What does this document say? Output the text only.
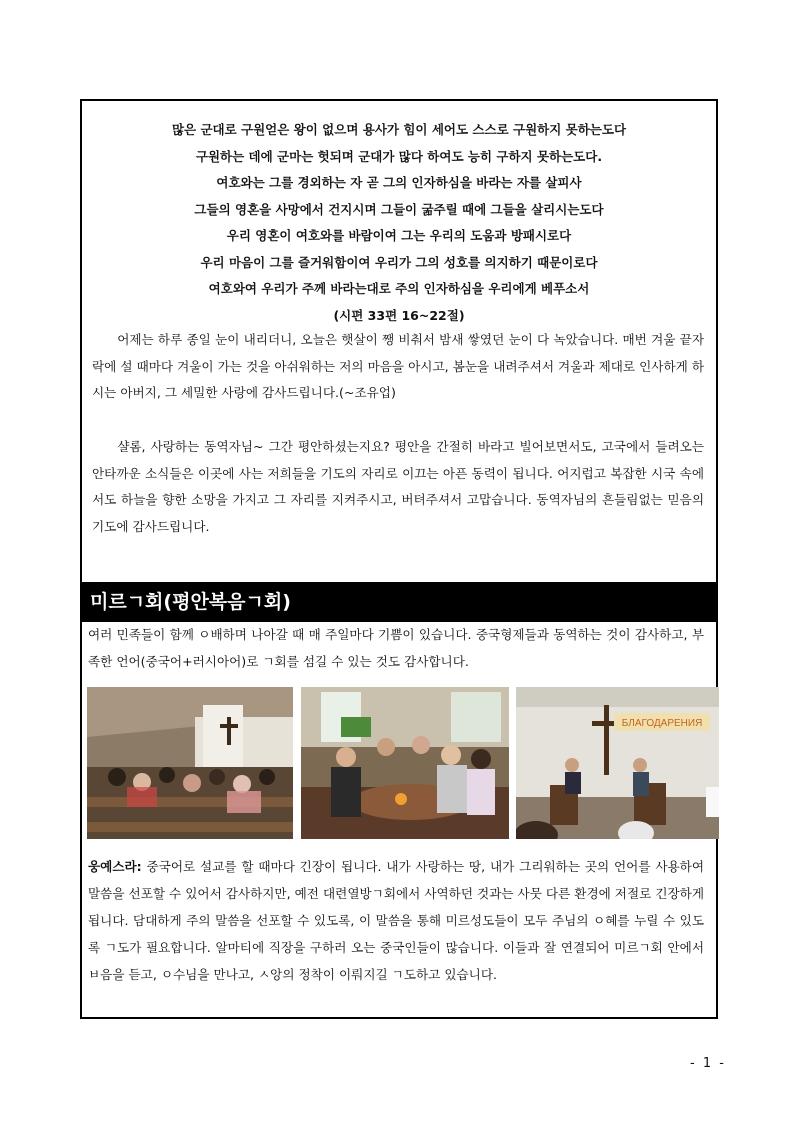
많은 군대로 구원얻은 왕이 없으며 용사가 힘이 세어도 스스로 구원하지 못하는도다
구원하는 데에 군마는 헛되며 군대가 많다 하여도 능히 구하지 못하는도다.
여호와는 그를 경외하는 자 곧 그의 인자하심을 바라는 자를 살피사
그들의 영혼을 사망에서 건지시며 그들이 굶주릴 때에 그들을 살리시는도다
우리 영혼이 여호와를 바람이여 그는 우리의 도움과 방패시로다
우리 마음이 그를 즐거워함이여 우리가 그의 성호를 의지하기 때문이로다
여호와여 우리가 주께 바라는대로 주의 인자하심을 우리에게 베푸소서
(시편 33편 16~22절)
어제는 하루 종일 눈이 내리더니, 오늘은 햇살이 쨍 비춰서 밤새 쌓였던 눈이 다 녹았습니다. 매번 겨울 끝자락에 설 때마다 겨울이 가는 것을 아쉬워하는 저의 마음을 아시고, 봄눈을 내려주셔서 겨울과 제대로 인사하게 하시는 아버지, 그 세밀한 사랑에 감사드립니다.(~조유업)
샬롬, 사랑하는 동역자님~ 그간 평안하셨는지요? 평안을 간절히 바라고 빌어보면서도, 고국에서 들려오는 안타까운 소식들은 이곳에 사는 저희들을 기도의 자리로 이끄는 아픈 동력이 됩니다. 어지럽고 복잡한 시국 속에서도 하늘을 향한 소망을 가지고 그 자리를 지켜주시고, 버텨주셔서 고맙습니다. 동역자님의 흔들림없는 믿음의 기도에 감사드립니다.
미르ㄱ회(평안복음ㄱ회)
여러 민족들이 함께 ㅇ배하며 나아갈 때 매 주일마다 기쁨이 있습니다. 중국형제들과 동역하는 것이 감사하고, 부족한 언어(중국어+러시아어)로 ㄱ회를 섬길 수 있는 것도 감사합니다.
БЛАГОДАРЕНИЯ
웅예스라: 중국어로 설교를 할 때마다 긴장이 됩니다. 내가 사랑하는 땅, 내가 그리워하는 곳의 언어를 사용하여 말씀을 선포할 수 있어서 감사하지만, 예전 대련열방ㄱ회에서 사역하던 것과는 사뭇 다른 환경에 저절로 긴장하게 됩니다. 담대하게 주의 말씀을 선포할 수 있도록, 이 말씀을 통해 미르성도들이 모두 주님의 ㅇ혜를 누릴 수 있도록 ㄱ도가 필요합니다. 알마티에 직장을 구하러 오는 중국인들이 많습니다. 이들과 잘 연결되어 미르ㄱ회 안에서 ㅂ음을 듣고, ㅇ수님을 만나고, ㅅ앙의 정착이 이뤄지길 ㄱ도하고 있습니다.
- 1 -
